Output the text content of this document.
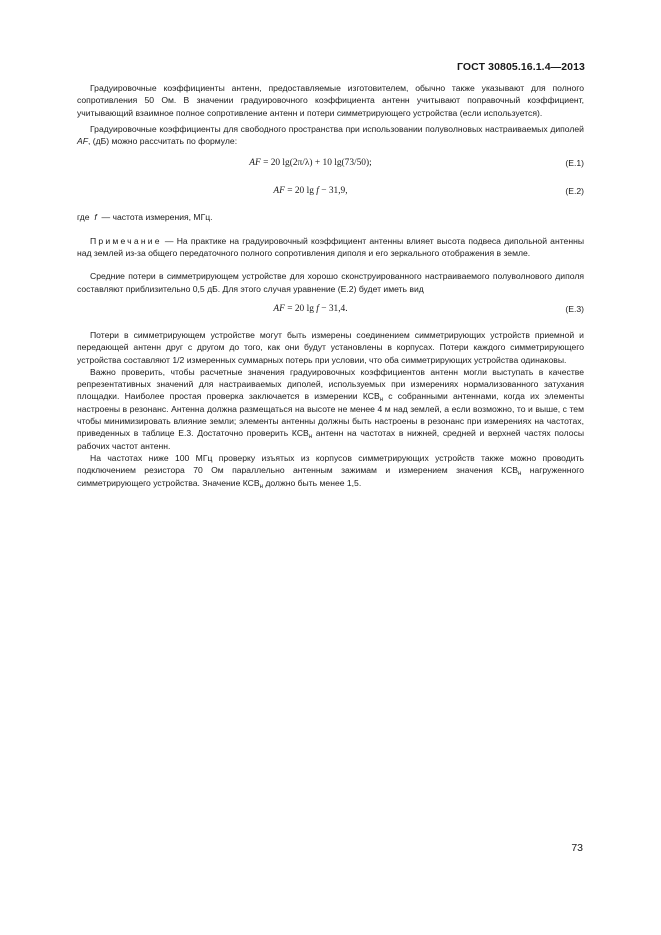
ГОСТ 30805.16.1.4—2013

Градуировочные коэффициенты антенн, предоставляемые изготовителем, обычно также указывают для полного сопротивления 50 Ом. В значении градуировочного коэффициента антенн учитывают поправочный коэффициент, учитывающий взаимное полное сопротивление антенн и потери симметрирующего устройства (если используется).

Градуировочные коэффициенты для свободного пространства при использовании полуволновых настраиваемых диполей AF, (дБ) можно рассчитать по формуле:

AF = 20 lg(2π/λ) + 10 lg(73/50);	(Е.1)
AF = 20 lg f − 31,9,	(Е.2)

где f — частота измерения, МГц.

Примечание — На практике на градуировочный коэффициент антенны влияет высота подвеса дипольной антенны над землей из-за общего передаточного полного сопротивления диполя и его зеркального отображения в земле.

Средние потери в симметрирующем устройстве для хорошо сконструированного настраиваемого полуволнового диполя составляют приблизительно 0,5 дБ. Для этого случая уравнение (Е.2) будет иметь вид

AF = 20 lg f − 31,4.	(Е.3)

Потери в симметрирующем устройстве могут быть измерены соединением симметрирующих устройств приемной и передающей антенн друг с другом до того, как они будут установлены в корпусах. Потери каждого симметрирующего устройства составляют 1/2 измеренных суммарных потерь при условии, что оба симметрирующих устройства одинаковы.

Важно проверить, чтобы расчетные значения градуировочных коэффициентов антенн могли выступать в качестве репрезентативных значений для настраиваемых диполей, используемых при измерениях нормализованного затухания площадки. Наиболее простая проверка заключается в измерении $КСВ_н$ с собранными антеннами, когда их элементы настроены в резонанс. Антенна должна размещаться на высоте не менее 4 м над землей, а если возможно, то и выше, с тем чтобы минимизировать влияние земли; элементы антенны должны быть настроены в резонанс при измерениях на частотах, приведенных в таблице Е.3. Достаточно проверить $КСВ_н$ антенн на частотах в нижней, средней и верхней частях полосы рабочих частот антенн.

На частотах ниже 100 МГц проверку изъятых из корпусов симметрирующих устройств также можно проводить подключением резистора 70 Ом параллельно антенным зажимам и измерением значения $КСВ_н$ нагруженного симметрирующего устройства. Значение $КСВ_н$ должно быть менее 1,5.

73
